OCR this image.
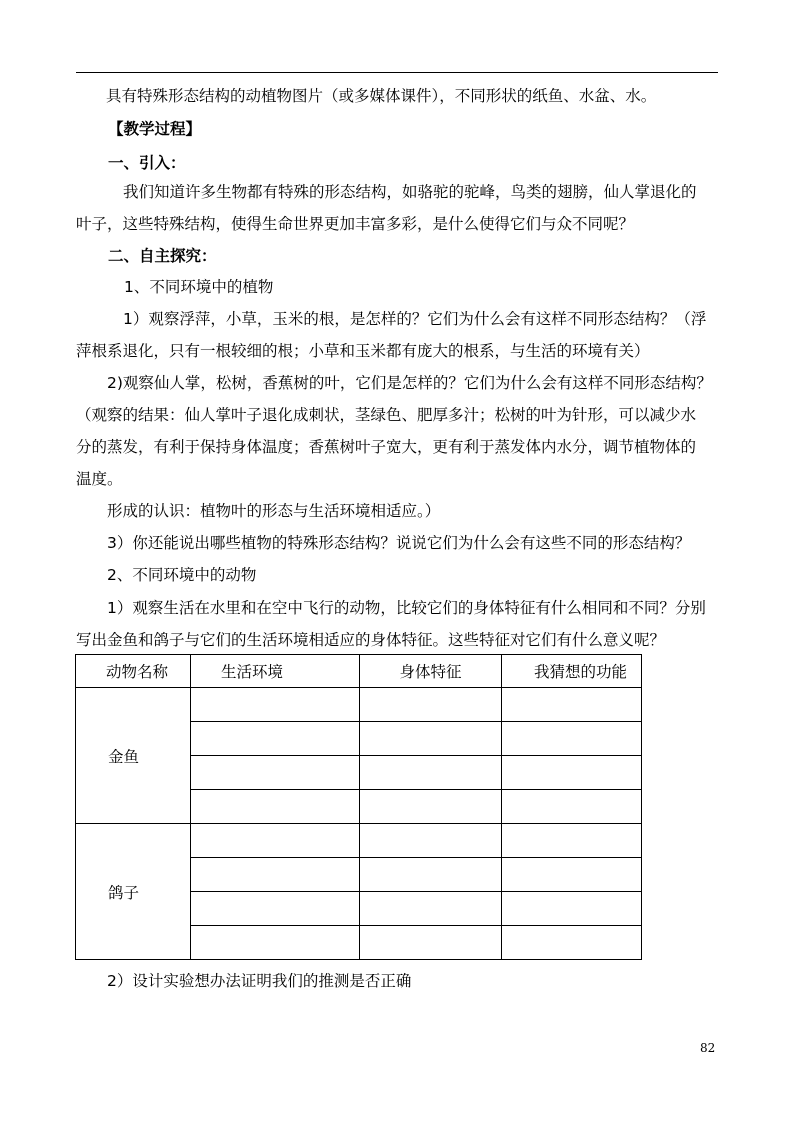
具有特殊形态结构的动植物图片（或多媒体课件），不同形状的纸鱼、水盆、水。
【教学过程】
一、引入：
我们知道许多生物都有特殊的形态结构，如骆驼的驼峰，鸟类的翅膀，仙人掌退化的
叶子，这些特殊结构，使得生命世界更加丰富多彩，是什么使得它们与众不同呢？
二、自主探究：
1、不同环境中的植物
1）观察浮萍，小草，玉米的根，是怎样的？它们为什么会有这样不同形态结构？（浮
萍根系退化，只有一根较细的根；小草和玉米都有庞大的根系，与生活的环境有关）
2)观察仙人掌，松树，香蕉树的叶，它们是怎样的？它们为什么会有这样不同形态结构？
（观察的结果：仙人掌叶子退化成刺状，茎绿色、肥厚多汁；松树的叶为针形，可以减少水
分的蒸发，有利于保持身体温度；香蕉树叶子宽大，更有利于蒸发体内水分，调节植物体的
温度。
形成的认识：植物叶的形态与生活环境相适应。）
3）你还能说出哪些植物的特殊形态结构？说说它们为什么会有这些不同的形态结构？
2、不同环境中的动物
1）观察生活在水里和在空中飞行的动物，比较它们的身体特征有什么相同和不同？分别
写出金鱼和鸽子与它们的生活环境相适应的身体特征。这些特征对它们有什么意义呢？
动物名称	生活环境	身体特征	我猜想的功能
金鱼			

鸽子			

2）设计实验想办法证明我们的推测是否正确
82
